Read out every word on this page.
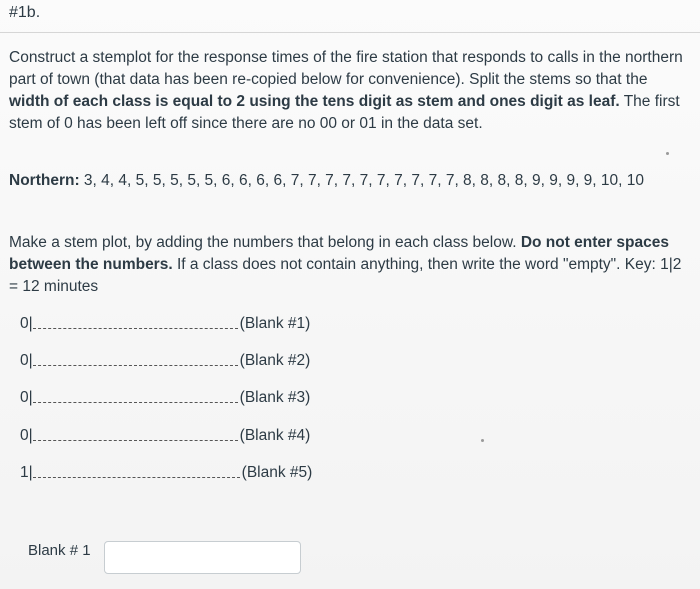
#1b.
Construct a stemplot for the response times of the fire station that responds to calls in the northern part of town (that data has been re-copied below for convenience). Split the stems so that the width of each class is equal to 2 using the tens digit as stem and ones digit as leaf. The first stem of 0 has been left off since there are no 00 or 01 in the data set.
Northern: 3, 4, 4, 5, 5, 5, 5, 5, 6, 6, 6, 6, 7, 7, 7, 7, 7, 7, 7, 7, 7, 7, 8, 8, 8, 8, 9, 9, 9, 9, 10, 10
Make a stem plot, by adding the numbers that belong in each class below. Do not enter spaces between the numbers. If a class does not contain anything, then write the word "empty". Key: 1|2 = 12 minutes
0|	(Blank #1)
0|	(Blank #2)
0|	(Blank #3)
0|	(Blank #4)
1|	(Blank #5)
Blank # 1
